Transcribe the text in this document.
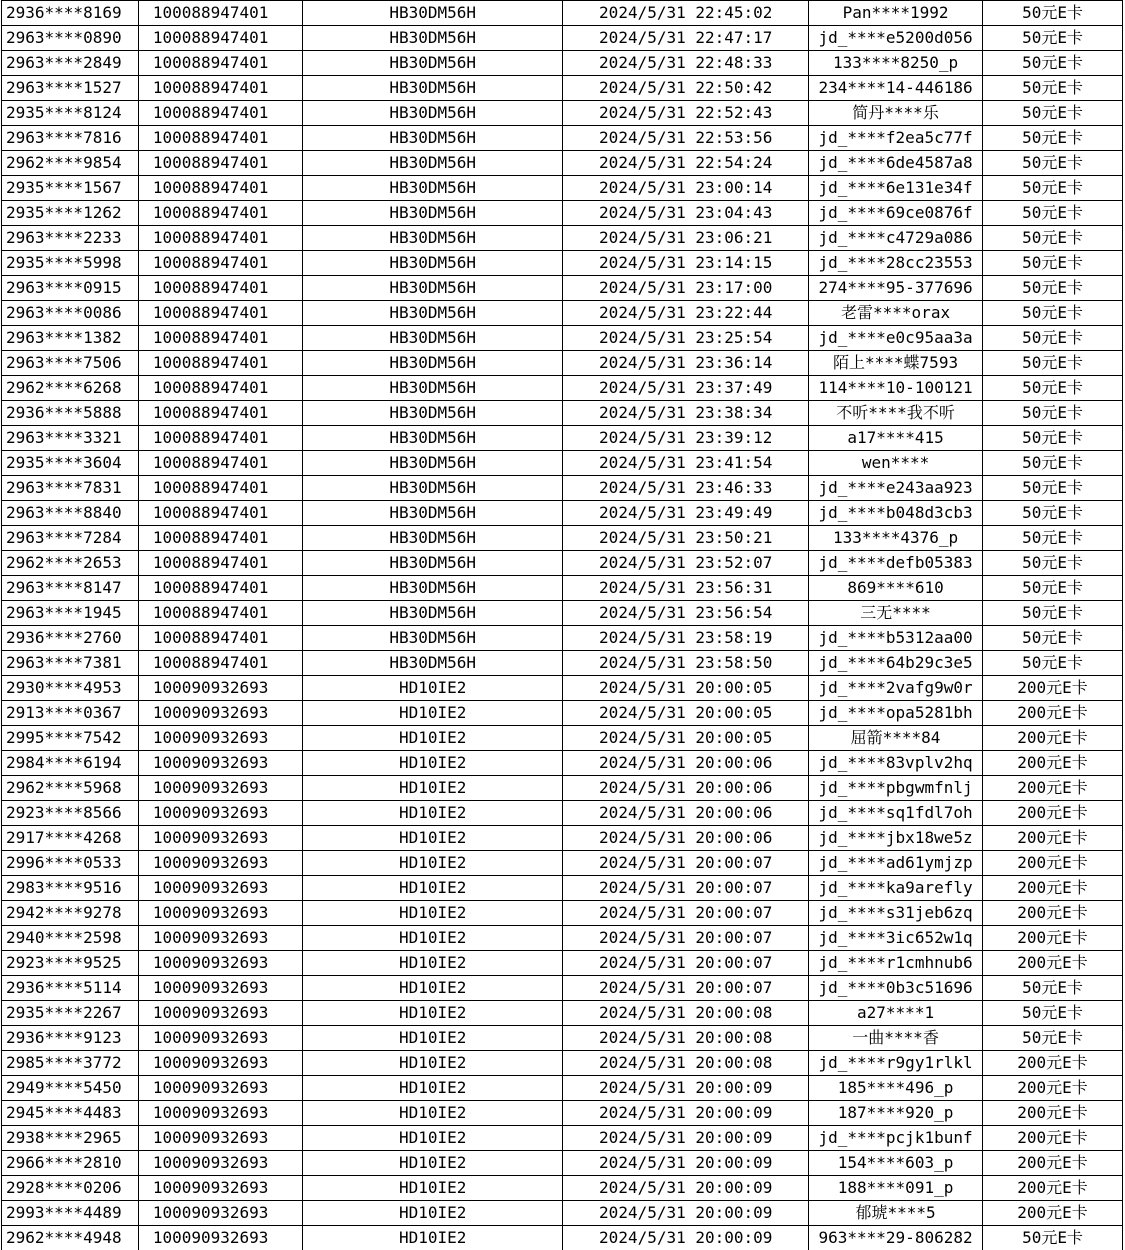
2936****8169	100088947401	HB30DM56H	2024/5/31 22:45:02	Pan****1992	50元E卡
2963****0890	100088947401	HB30DM56H	2024/5/31 22:47:17	jd_****e5200d056	50元E卡
2963****2849	100088947401	HB30DM56H	2024/5/31 22:48:33	133****8250_p	50元E卡
2963****1527	100088947401	HB30DM56H	2024/5/31 22:50:42	234****14-446186	50元E卡
2935****8124	100088947401	HB30DM56H	2024/5/31 22:52:43	简丹****乐	50元E卡
2963****7816	100088947401	HB30DM56H	2024/5/31 22:53:56	jd_****f2ea5c77f	50元E卡
2962****9854	100088947401	HB30DM56H	2024/5/31 22:54:24	jd_****6de4587a8	50元E卡
2935****1567	100088947401	HB30DM56H	2024/5/31 23:00:14	jd_****6e131e34f	50元E卡
2935****1262	100088947401	HB30DM56H	2024/5/31 23:04:43	jd_****69ce0876f	50元E卡
2963****2233	100088947401	HB30DM56H	2024/5/31 23:06:21	jd_****c4729a086	50元E卡
2935****5998	100088947401	HB30DM56H	2024/5/31 23:14:15	jd_****28cc23553	50元E卡
2963****0915	100088947401	HB30DM56H	2024/5/31 23:17:00	274****95-377696	50元E卡
2963****0086	100088947401	HB30DM56H	2024/5/31 23:22:44	老雷****orax	50元E卡
2963****1382	100088947401	HB30DM56H	2024/5/31 23:25:54	jd_****e0c95aa3a	50元E卡
2963****7506	100088947401	HB30DM56H	2024/5/31 23:36:14	陌上****蝶7593	50元E卡
2962****6268	100088947401	HB30DM56H	2024/5/31 23:37:49	114****10-100121	50元E卡
2936****5888	100088947401	HB30DM56H	2024/5/31 23:38:34	不听****我不听	50元E卡
2963****3321	100088947401	HB30DM56H	2024/5/31 23:39:12	a17****415	50元E卡
2935****3604	100088947401	HB30DM56H	2024/5/31 23:41:54	wen****	50元E卡
2963****7831	100088947401	HB30DM56H	2024/5/31 23:46:33	jd_****e243aa923	50元E卡
2963****8840	100088947401	HB30DM56H	2024/5/31 23:49:49	jd_****b048d3cb3	50元E卡
2963****7284	100088947401	HB30DM56H	2024/5/31 23:50:21	133****4376_p	50元E卡
2962****2653	100088947401	HB30DM56H	2024/5/31 23:52:07	jd_****defb05383	50元E卡
2963****8147	100088947401	HB30DM56H	2024/5/31 23:56:31	869****610	50元E卡
2963****1945	100088947401	HB30DM56H	2024/5/31 23:56:54	三无****	50元E卡
2936****2760	100088947401	HB30DM56H	2024/5/31 23:58:19	jd_****b5312aa00	50元E卡
2963****7381	100088947401	HB30DM56H	2024/5/31 23:58:50	jd_****64b29c3e5	50元E卡
2930****4953	100090932693	HD10IE2	2024/5/31 20:00:05	jd_****2vafg9w0r	200元E卡
2913****0367	100090932693	HD10IE2	2024/5/31 20:00:05	jd_****opa5281bh	200元E卡
2995****7542	100090932693	HD10IE2	2024/5/31 20:00:05	屈箭****84	200元E卡
2984****6194	100090932693	HD10IE2	2024/5/31 20:00:06	jd_****83vplv2hq	200元E卡
2962****5968	100090932693	HD10IE2	2024/5/31 20:00:06	jd_****pbgwmfnlj	200元E卡
2923****8566	100090932693	HD10IE2	2024/5/31 20:00:06	jd_****sq1fdl7oh	200元E卡
2917****4268	100090932693	HD10IE2	2024/5/31 20:00:06	jd_****jbx18we5z	200元E卡
2996****0533	100090932693	HD10IE2	2024/5/31 20:00:07	jd_****ad61ymjzp	200元E卡
2983****9516	100090932693	HD10IE2	2024/5/31 20:00:07	jd_****ka9arefly	200元E卡
2942****9278	100090932693	HD10IE2	2024/5/31 20:00:07	jd_****s31jeb6zq	200元E卡
2940****2598	100090932693	HD10IE2	2024/5/31 20:00:07	jd_****3ic652w1q	200元E卡
2923****9525	100090932693	HD10IE2	2024/5/31 20:00:07	jd_****r1cmhnub6	200元E卡
2936****5114	100090932693	HD10IE2	2024/5/31 20:00:07	jd_****0b3c51696	50元E卡
2935****2267	100090932693	HD10IE2	2024/5/31 20:00:08	a27****1	50元E卡
2936****9123	100090932693	HD10IE2	2024/5/31 20:00:08	一曲****香	50元E卡
2985****3772	100090932693	HD10IE2	2024/5/31 20:00:08	jd_****r9gy1rlkl	200元E卡
2949****5450	100090932693	HD10IE2	2024/5/31 20:00:09	185****496_p	200元E卡
2945****4483	100090932693	HD10IE2	2024/5/31 20:00:09	187****920_p	200元E卡
2938****2965	100090932693	HD10IE2	2024/5/31 20:00:09	jd_****pcjk1bunf	200元E卡
2966****2810	100090932693	HD10IE2	2024/5/31 20:00:09	154****603_p	200元E卡
2928****0206	100090932693	HD10IE2	2024/5/31 20:00:09	188****091_p	200元E卡
2993****4489	100090932693	HD10IE2	2024/5/31 20:00:09	郁琥****5	200元E卡
2962****4948	100090932693	HD10IE2	2024/5/31 20:00:09	963****29-806282	50元E卡
